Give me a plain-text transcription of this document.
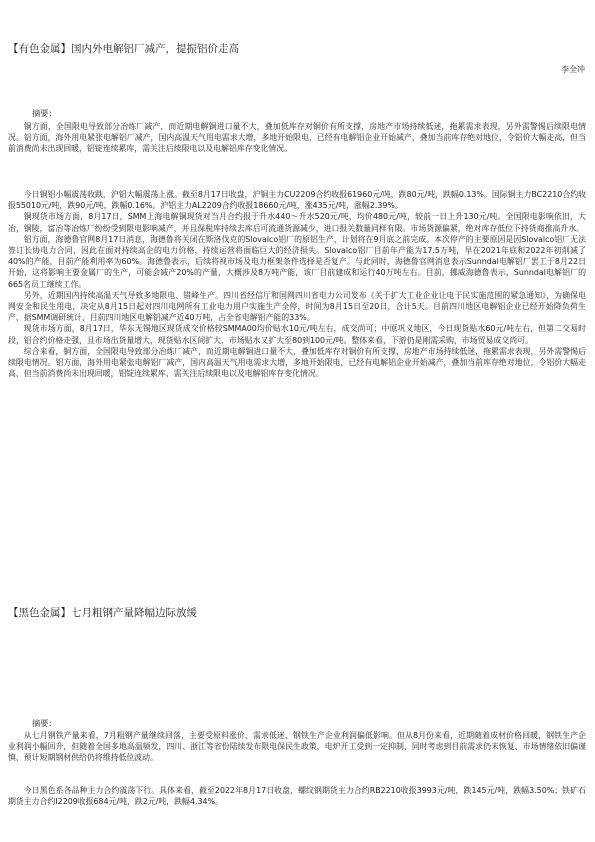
【有色金属】国内外电解铝厂减产，提振铝价走高
李全冲
摘要：

铜方面，全国限电导致部分冶炼厂减产，而近期电解铜进口量不大，叠加低库存对铜价有所支撑，房地产市场持续低迷，拖累需求表现，另外需警惕后续限电情况。铝方面，海外用电紧张电解铝厂减产，国内高温天气用电需求大增，多地开始限电，已经有电解铝企业开始减产，叠加当前库存绝对地位，令铝价大幅走高，但当前消费尚未出现回暖，铝锭连续累库，需关注后续限电以及电解铝库存变化情况。

今日铜铝小幅震荡收跌，沪铝大幅震荡上涨。截至8月17日收盘，沪铜主力CU2209合约收报61960元/吨，跌80元/吨，跌幅0.13%。国际铜主力BC2210合约收报55010元/吨，跌90元/吨，跌幅0.16%。沪铝主力AL2209合约收报18660元/吨，涨435元/吨，涨幅2.39%。

铜现货市场方面，8月17日，SMM上海电解铜现货对当月合约报于升水440～升水520元/吨，均价480元/吨，较前一日上升130元/吨。全国限电影响依旧，大冶，铜陵，富冶等冶炼厂纷纷受到限电影响减产，并且保税库持续去库后可流通货源减少，进口报关数量同样有限。市场货源偏紧，绝对库存低位下持货商推高升水。

铝方面，海德鲁官网8月17日消息，海德鲁将关闭在斯洛伐克的Slovalco铝厂的原铝生产，计划将在9月底之前完成。本次停产的主要原因是因Slovalco铝厂无法签订长协电力合同，因此在面对持续高企的电力价格，持续运营将面临巨大的经济损失。Slovalco铝厂目前年产能为17.5万吨，早在2021年底和2022年初削减了40%的产能，目前产能利用率为60%。海德鲁表示，后续将视市场及电力框架条件选择是否复产。与此同时，海德鲁官网消息表示Sunndal电解铝厂罢工于8月22日开始，这将影响主要金属厂的生产，可能会减产20%的产量，大概涉及8万吨产能，该厂目前建成和运行40万吨左右。目前，挪威海德鲁表示，Sunndal电解铝厂的665名员工继续工作。

另外，近期国内持续高温天气导致多地限电、错峰生产。四川省经信厅和国网四川省电力公司发布《关于扩大工业企业让电于民实施范围的紧急通知》，为确保电网安全和民生用电，决定从8月15日起对四川电网所有工业电力用户实施生产全停，时间为8月15日至20日，合计5天。目前四川地区电解铝企业已经开始降负荷生产，据SMM调研统计，目前四川地区电解铝减产近40万吨，占全省电解铝产能的33%。

现货市场方面，8月17日，华东无锡地区现货成交价格较SMMA00均价贴水10元/吨左右，成交尚可；中原巩义地区，今日现货贴水60元/吨左右，但第二交易时段，铝合约价格走强，且市场出货量增大，现货贴水区间扩大，市场贴水又扩大至80到100元/吨。整体来看，下游仍是刚需采购，市场贸易成交尚可。

综合来看，铜方面，全国限电导致部分冶炼厂减产，而近期电解铜进口量不大，叠加低库存对铜价有所支撑，房地产市场持续低迷，拖累需求表现，另外需警惕后续限电情况。铝方面，海外用电紧张电解铝厂减产，国内高温天气用电需求大增，多地开始限电，已经有电解铝企业开始减产，叠加当前库存绝对地位，令铝价大幅走高，但当前消费尚未出现回暖，铝锭连续累库，需关注后续限电以及电解铝库存变化情况。

【黑色金属】七月粗钢产量降幅边际放缓
摘要：

从七月钢铁产量来看，7月粗钢产量继续回落，主要受原料涨价、需求低迷、钢铁生产企业利润偏低影响。但从8月份来看，近期随着成材价格回暖，钢铁生产企业利润小幅回升，但随着全国多地高温频发，四川、浙江等省份陆续发布限电保民生政策，电炉开工受到一定抑制，同时考虑到目前需求仍未恢复、市场情绪依旧偏谨慎，预计短期钢材供给仍将维持低位波动。

今日黑色系各品种主力合约震荡下行。具体来看，截至2022年8月17日收盘，螺纹钢期货主力合约RB2210收报3993元/吨，跌145元/吨，跌幅3.50%；铁矿石期货主力合约I2209收报684元/吨，跌2元/吨，跌幅4.34%。
